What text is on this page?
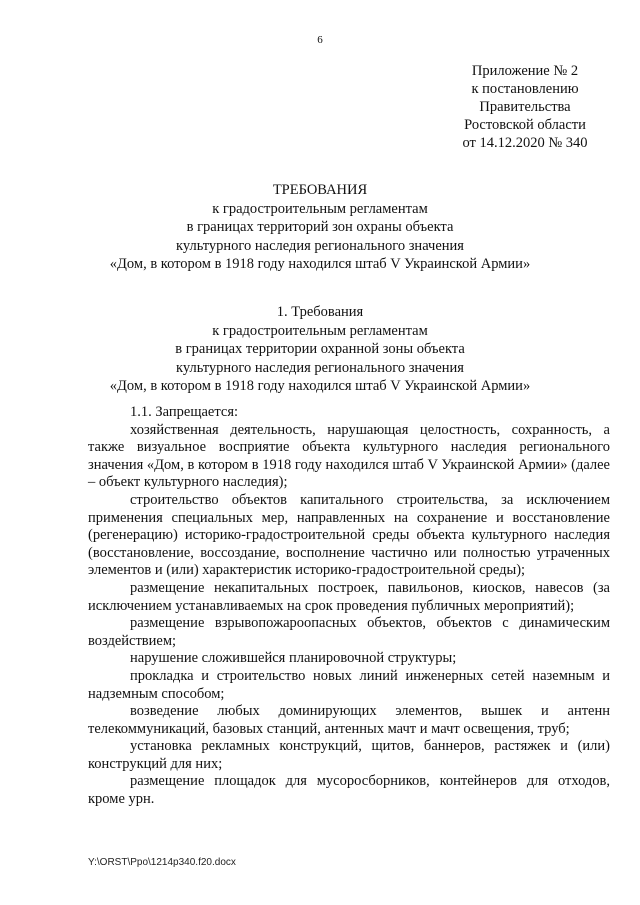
6
Приложение № 2
к постановлению
Правительства
Ростовской области
от 14.12.2020 № 340
ТРЕБОВАНИЯ
к градостроительным регламентам
в границах территорий зон охраны объекта
культурного наследия регионального значения
«Дом, в котором в 1918 году находился штаб V Украинской Армии»
1. Требования
к градостроительным регламентам
в границах территории охранной зоны объекта
культурного наследия регионального значения
«Дом, в котором в 1918 году находился штаб V Украинской Армии»

1.1. Запрещается:

хозяйственная деятельность, нарушающая целостность, сохранность, а также визуальное восприятие объекта культурного наследия регионального значения «Дом, в котором в 1918 году находился штаб V Украинской Армии» (далее – объект культурного наследия);

строительство объектов капитального строительства, за исключением применения специальных мер, направленных на сохранение и восстановление (регенерацию) историко-градостроительной среды объекта культурного наследия (восстановление, воссоздание, восполнение частично или полностью утраченных элементов и (или) характеристик историко-градостроительной среды);

размещение некапитальных построек, павильонов, киосков, навесов (за исключением устанавливаемых на срок проведения публичных мероприятий);

размещение взрывопожароопасных объектов, объектов с динамическим воздействием;

нарушение сложившейся планировочной структуры;

прокладка и строительство новых линий инженерных сетей наземным и надземным способом;

возведение любых доминирующих элементов, вышек и антенн телекоммуникаций, базовых станций, антенных мачт и мачт освещения, труб;

установка рекламных конструкций, щитов, баннеров, растяжек и (или) конструкций для них;

размещение площадок для мусоросборников, контейнеров для отходов, кроме урн.

Y:\ORST\Ppo\1214p340.f20.docx
